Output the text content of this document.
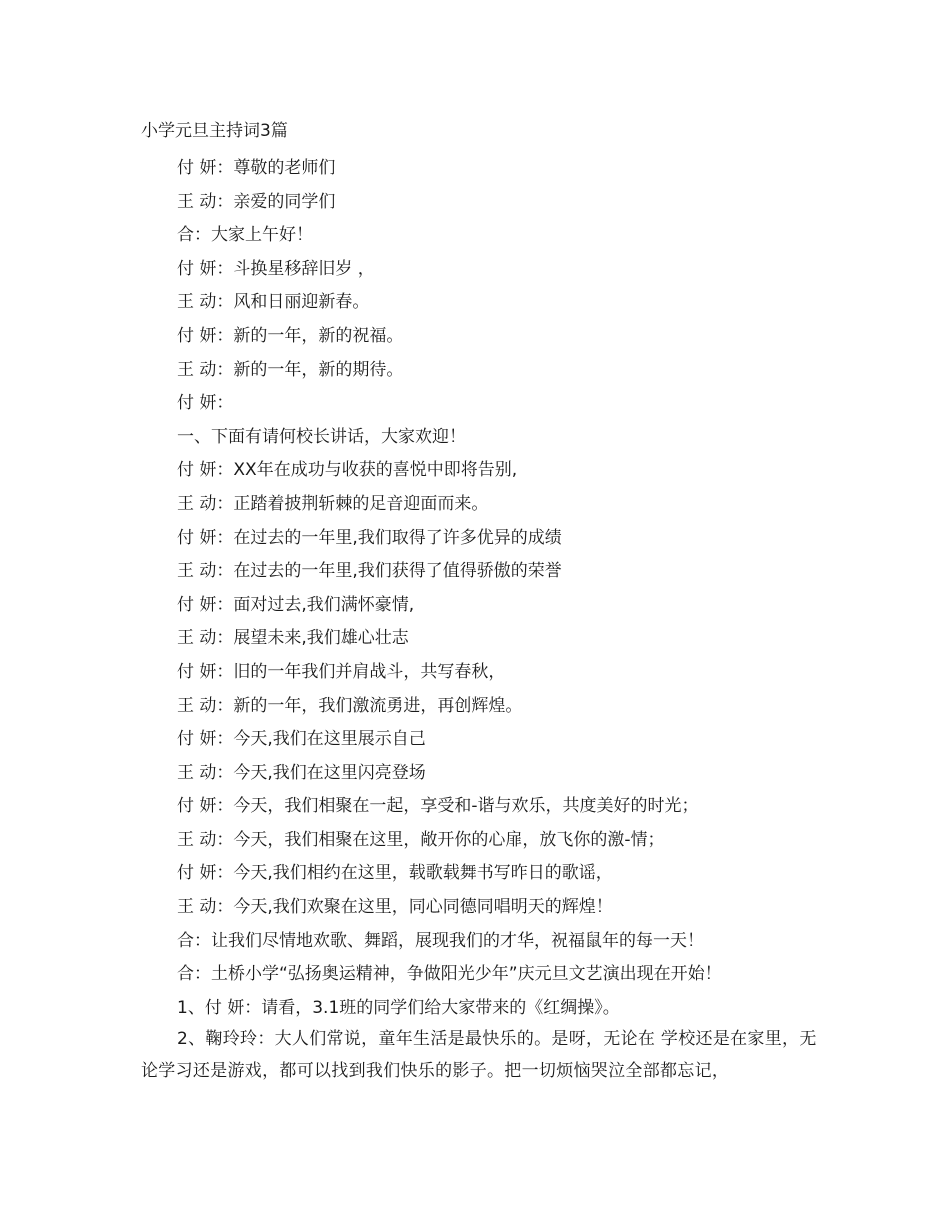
小学元旦主持词3篇
付 妍：尊敬的老师们
王 动：亲爱的同学们
合：大家上午好！
付 妍：斗换星移辞旧岁 ，
王 动：风和日丽迎新春。
付 妍：新的一年，新的祝福。
王 动：新的一年，新的期待。
付 妍：
一、下面有请何校长讲话，大家欢迎！
付 妍：XX年在成功与收获的喜悦中即将告别,
王 动：正踏着披荆斩棘的足音迎面而来。
付 妍：在过去的一年里,我们取得了许多优异的成绩
王 动：在过去的一年里,我们获得了值得骄傲的荣誉
付 妍：面对过去,我们满怀豪情,
王 动：展望未来,我们雄心壮志
付 妍：旧的一年我们并肩战斗，共写春秋，
王 动：新的一年，我们激流勇进，再创辉煌。
付 妍：今天,我们在这里展示自己
王 动：今天,我们在这里闪亮登场
付 妍：今天，我们相聚在一起，享受和-谐与欢乐，共度美好的时光；
王 动：今天，我们相聚在这里，敞开你的心扉，放飞你的激-情；
付 妍：今天,我们相约在这里，载歌载舞书写昨日的歌谣，
王 动：今天,我们欢聚在这里，同心同德同唱明天的辉煌！
合：让我们尽情地欢歌、舞蹈，展现我们的才华，祝福鼠年的每一天！
合：土桥小学“弘扬奥运精神，争做阳光少年”庆元旦文艺演出现在开始！
1、付 妍：请看，3.1班的同学们给大家带来的《红绸操》。
2、鞠玲玲：大人们常说，童年生活是最快乐的。是呀，无论在 学校还是在家里，无论学习还是游戏，都可以找到我们快乐的影子。把一切烦恼哭泣全部都忘记，
